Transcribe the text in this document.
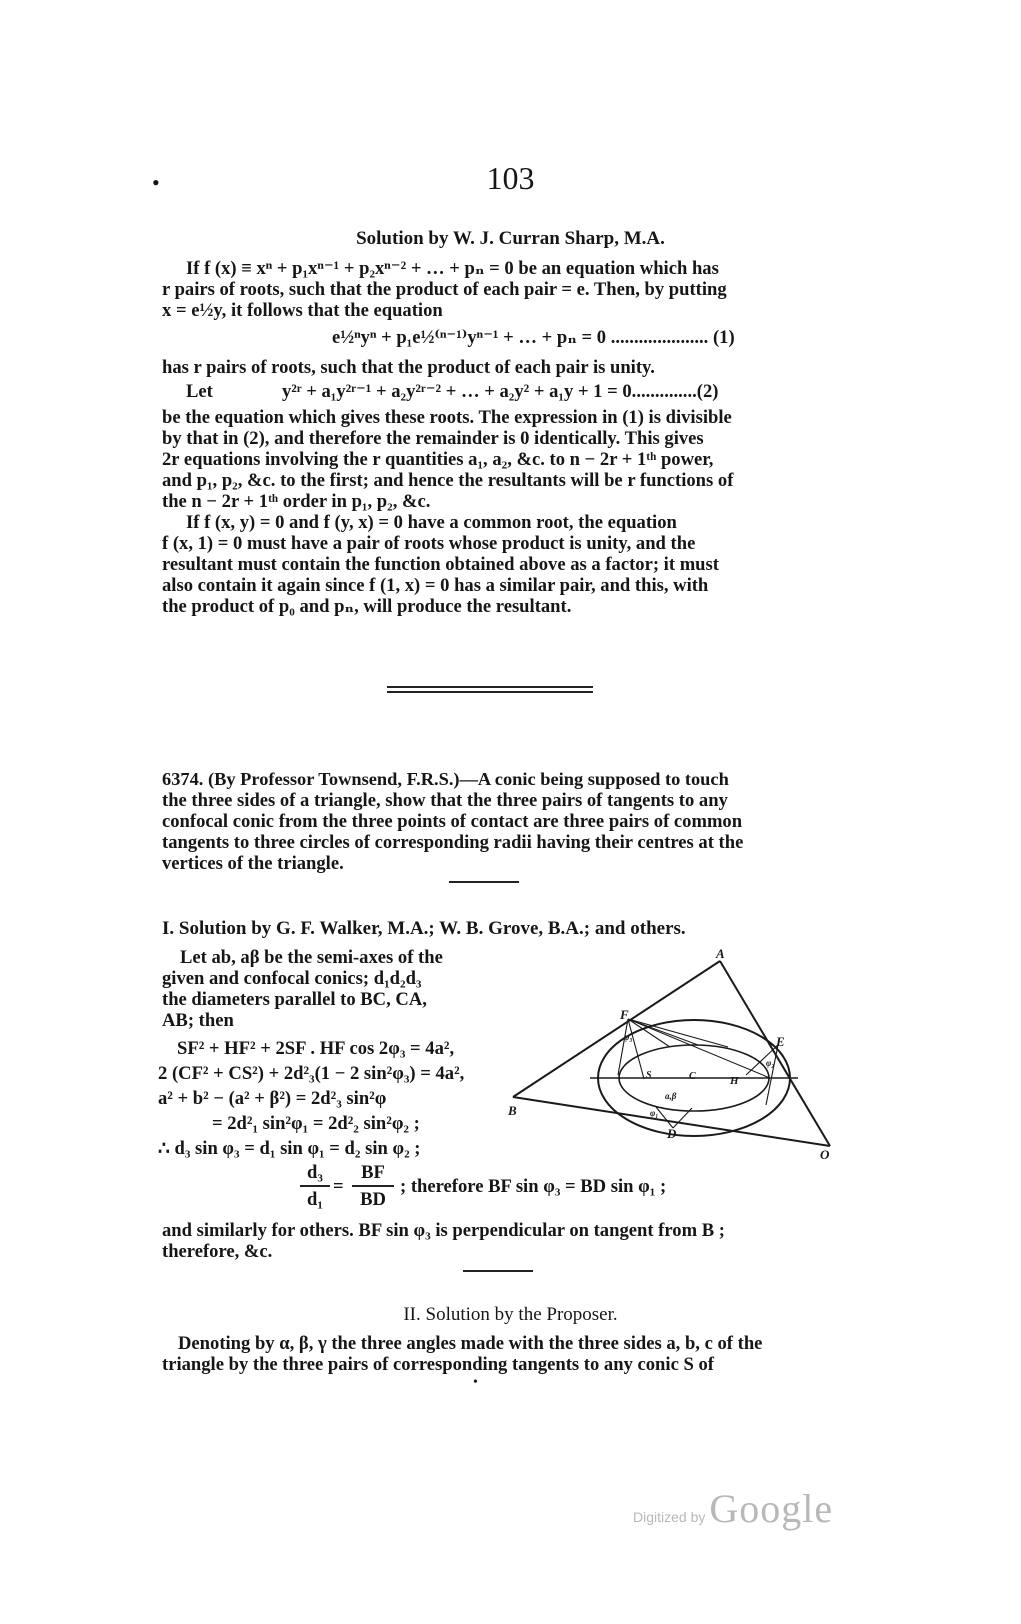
•	103
Solution by W. J. Curran Sharp, M.A.
If f (x) ≡ xⁿ + p₁xⁿ⁻¹ + p₂xⁿ⁻² + … + pₙ = 0 be an equation which has
r pairs of roots, such that the product of each pair = e. Then, by putting
x = e½y, it follows that the equation
e½ⁿyⁿ + p₁e½⁽ⁿ⁻¹⁾yⁿ⁻¹ + … + pₙ = 0 ..................... (1)
has r pairs of roots, such that the product of each pair is unity.
Let	y²ʳ + a₁y²ʳ⁻¹ + a₂y²ʳ⁻² + … + a₂y² + a₁y + 1 = 0..............(2)
be the equation which gives these roots. The expression in (1) is divisible
by that in (2), and therefore the remainder is 0 identically. This gives
2r equations involving the r quantities a₁, a₂, &c. to n − 2r + 1ᵗʰ power,
and p₁, p₂, &c. to the first; and hence the resultants will be r functions of
the n − 2r + 1ᵗʰ order in p₁, p₂, &c.
If f (x, y) = 0 and f (y, x) = 0 have a common root, the equation
f (x, 1) = 0 must have a pair of roots whose product is unity, and the
resultant must contain the function obtained above as a factor; it must
also contain it again since f (1, x) = 0 has a similar pair, and this, with
the product of p₀ and pₙ, will produce the resultant.
6374. (By Professor Townsend, F.R.S.)—A conic being supposed to touch
the three sides of a triangle, show that the three pairs of tangents to any
confocal conic from the three points of contact are three pairs of common
tangents to three circles of corresponding radii having their centres at the
vertices of the triangle.
I. Solution by G. F. Walker, M.A.; W. B. Grove, B.A.; and others.
Let ab, aβ be the semi-axes of the
given and confocal conics; d₁d₂d₃
the diameters parallel to BC, CA,
AB; then
SF² + HF² + 2SF . HF cos 2φ₃ = 4a²,
2 (CF² + CS²) + 2d²₃(1 − 2 sin²φ₃) = 4a²,
a² + b² − (a² + β²) = 2d²₃ sin²φ
= 2d²₁ sin²φ₁ = 2d²₂ sin²φ₂ ;
∴ d₃ sin φ₃ = d₁ sin φ₁ = d₂ sin φ₂ ;
d₃
d₁
=
BF
BD
; therefore BF sin φ₃ = BD sin φ₁ ;
and similarly for others. BF sin φ₃ is perpendicular on tangent from B ;
therefore, &c.
A
B
O
F
E
D
S	C	H
φ₃
φ₂
φ₁
a,β
II. Solution by the Proposer.
Denoting by α, β, γ the three angles made with the three sides a, b, c of the
triangle by the three pairs of corresponding tangents to any conic S of
•
Digitized by Google
